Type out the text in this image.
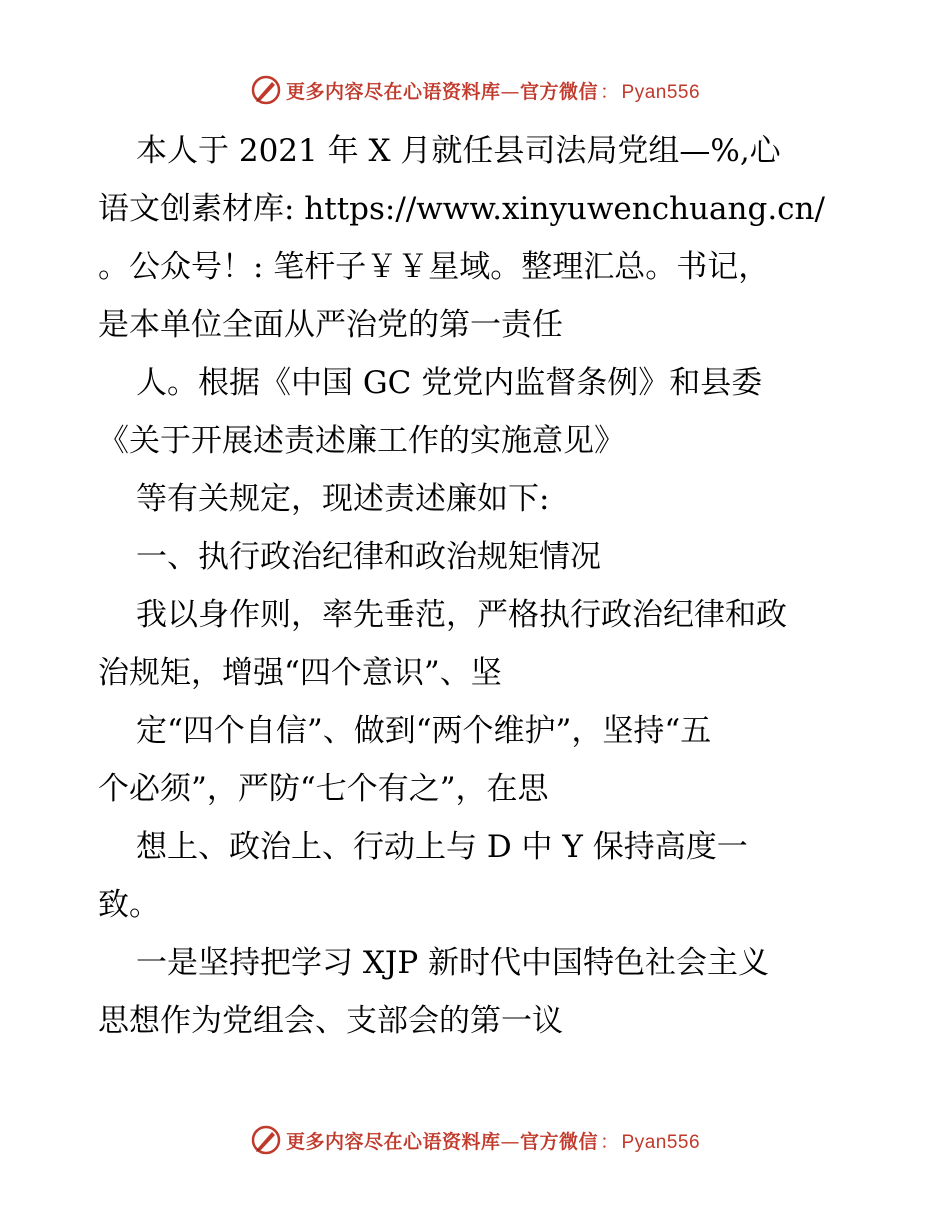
更多内容尽在心语资料库—官方微信 ： Pyan556
本人于 2021 年 X 月就任县司法局党组—%,心
语文创素材库: https://www.xinyuwenchuang.cn/
。公众号！: 笔杆子￥￥星域。整理汇总。书记，
是本单位全面从严治党的第一责任
人。根据《中国 GC 党党内监督条例》和县委
《关于开展述责述廉工作的实施意见》
等有关规定，现述责述廉如下:
一、执行政治纪律和政治规矩情况
我以身作则，率先垂范，严格执行政治纪律和政
治规矩，增强“四个意识”、坚
定“四个自信”、做到“两个维护”，坚持“五
个必须”，严防“七个有之”，在思
想上、政治上、行动上与 D 中 Y 保持高度一
致。
一是坚持把学习 XJP 新时代中国特色社会主义
思想作为党组会、支部会的第一议
更多内容尽在心语资料库—官方微信 ： Pyan556
